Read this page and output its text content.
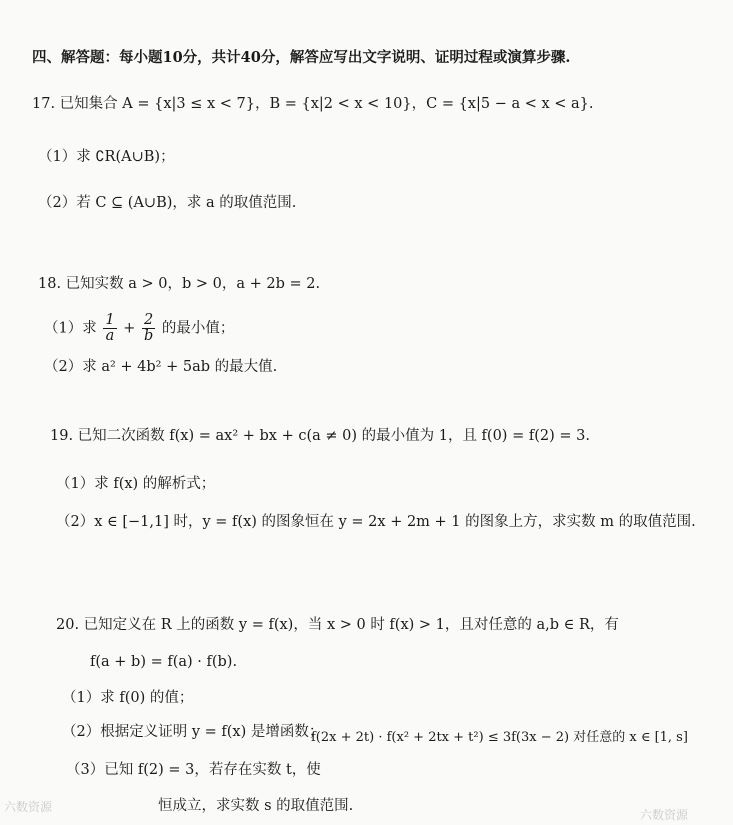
四、解答题：每小题10分，共计40分，解答应写出文字说明、证明过程或演算步骤.
17. 已知集合 A = {x|3 ≤ x < 7}，B = {x|2 < x < 10}，C = {x|5 − a < x < a}.
（1）求 ∁R(A∪B)；
（2）若 C ⊆ (A∪B)，求 a 的取值范围.
18. 已知实数 a > 0，b > 0，a + 2b = 2.
（1）求 $\frac{1}{a} + \frac{2}{b}$ 的最小值；
（2）求 a² + 4b² + 5ab 的最大值.
19. 已知二次函数 f(x) = ax² + bx + c(a ≠ 0) 的最小值为 1，且 f(0) = f(2) = 3.
（1）求 f(x) 的解析式；
（2）x ∈ [−1,1] 时，y = f(x) 的图象恒在 y = 2x + 2m + 1 的图象上方，求实数 m 的取值范围.
20. 已知定义在 R 上的函数 y = f(x)，当 x > 0 时 f(x) > 1，且对任意的 a,b ∈ R，有
f(a + b) = f(a) · f(b).
（1）求 f(0) 的值；
（2）根据定义证明 y = f(x) 是增函数；
f(2x + 2t) · f(x² + 2tx + t²) ≤ 3f(3x − 2) 对任意的 x ∈ [1, s]
（3）已知 f(2) = 3，若存在实数 t，使
恒成立，求实数 s 的取值范围.
六数资源
六数资源
